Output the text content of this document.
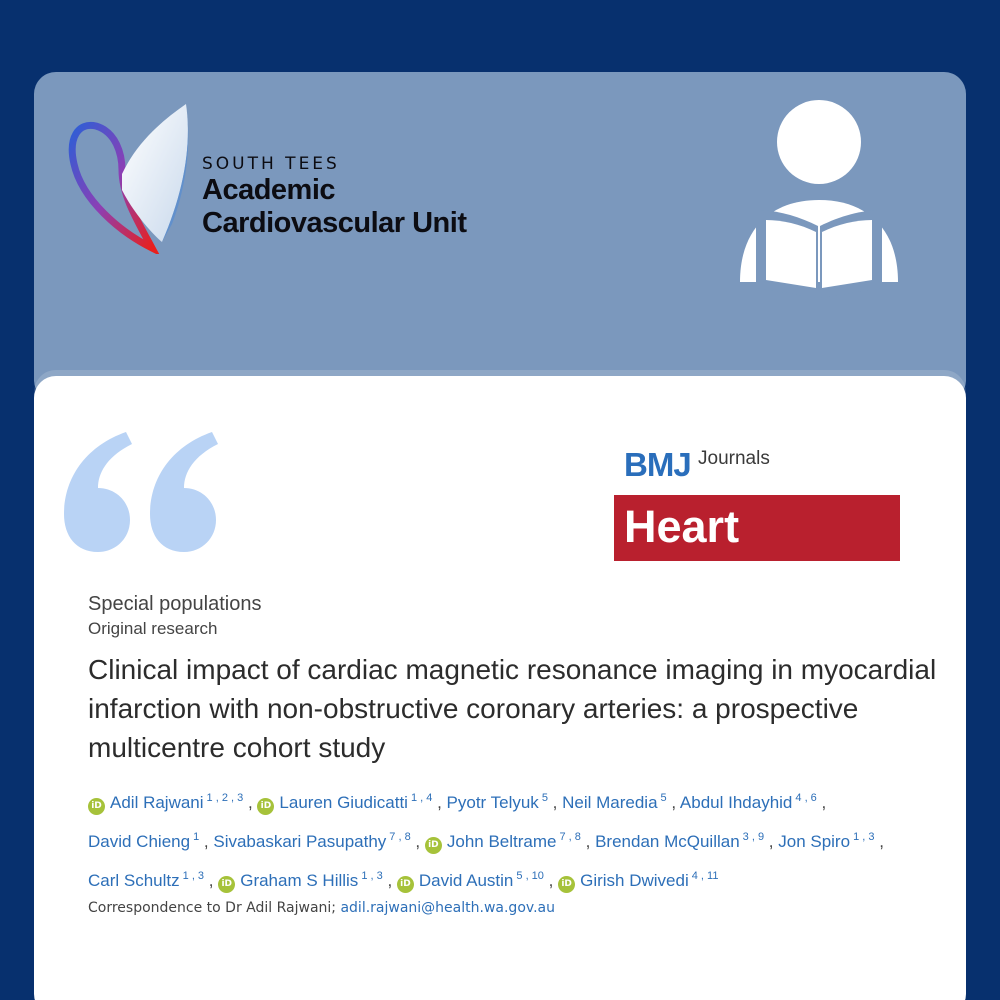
SOUTH TEES
Academic
Cardiovascular Unit
BMJ Journals
Heart
Special populations
Original research
Clinical impact of cardiac magnetic resonance imaging in myocardial infarction with non-obstructive coronary arteries: a prospective multicentre cohort study
iD Adil Rajwani $^{1 , 2 , 3}$ , iD Lauren Giudicatti $^{1 , 4}$ , Pyotr Telyuk $^5$ , Neil Maredia $^5$ , Abdul Ihdayhid $^{4 , 6}$ , David Chieng $^1$ , Sivabaskari Pasupathy $^{7 , 8}$ , iD John Beltrame $^{7 , 8}$ , Brendan McQuillan $^{3 , 9}$ , Jon Spiro $^{1 , 3}$ , Carl Schultz $^{1 , 3}$ , iD Graham S Hillis $^{1 , 3}$ , iD David Austin $^{5 , 10}$ , iD Girish Dwivedi $^{4 , 11}$
Correspondence to Dr Adil Rajwani; adil.rajwani@health.wa.gov.au
